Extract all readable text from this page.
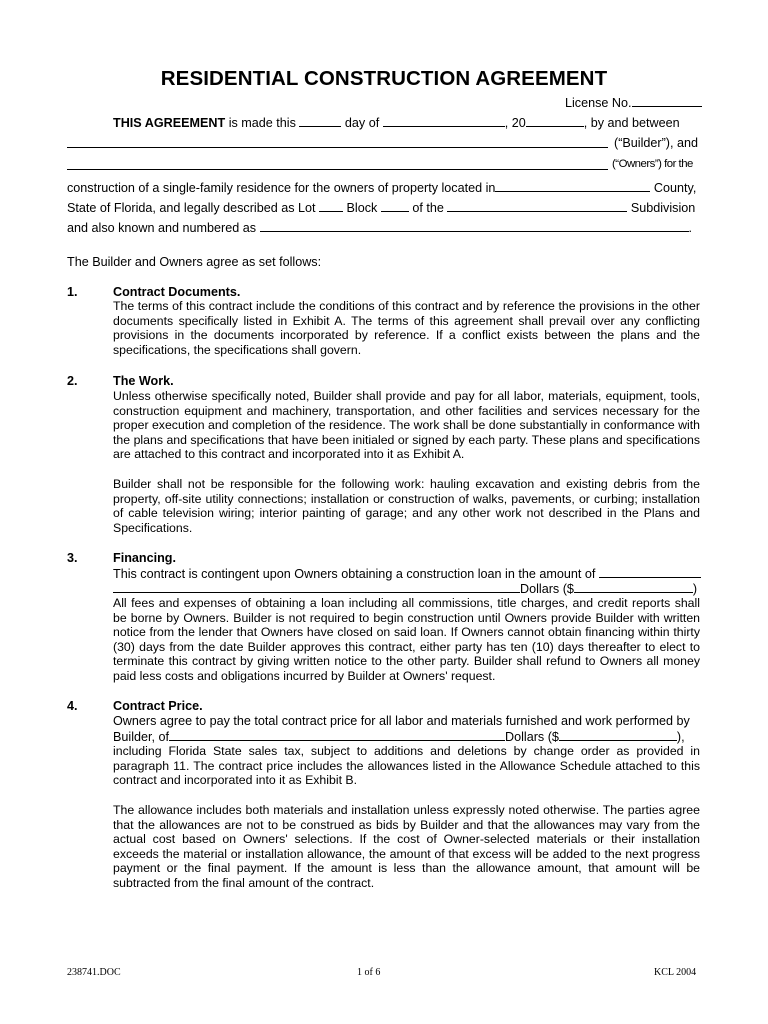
RESIDENTIAL CONSTRUCTION AGREEMENT
License No.
THIS AGREEMENT is made this	day of	, 20	, by and between
(“Builder”), and
(“Owners”) for the
construction of a single-family residence for the owners of property located in	County,
State of Florida, and legally described as Lot Block	of the	Subdivision
and also known and numbered as	.
The Builder and Owners agree as set follows:
1.	Contract Documents.
The terms of this contract include the conditions of this contract and by reference the provisions in the other documents specifically listed in Exhibit A. The terms of this agreement shall prevail over any conflicting provisions in the documents incorporated by reference. If a conflict exists between the plans and the specifications, the specifications shall govern.
2.	The Work.
Unless otherwise specifically noted, Builder shall provide and pay for all labor, materials, equipment, tools, construction equipment and machinery, transportation, and other facilities and services necessary for the proper execution and completion of the residence. The work shall be done substantially in conformance with the plans and specifications that have been initialed or signed by each party. These plans and specifications are attached to this contract and incorporated into it as Exhibit A.
Builder shall not be responsible for the following work: hauling excavation and existing debris from the property, off-site utility connections; installation or construction of walks, pavements, or curbing; installation of cable television wiring; interior painting of garage; and any other work not described in the Plans and Specifications.
3.	Financing.
This contract is contingent upon Owners obtaining a construction loan in the amount of
Dollars ($	)
All fees and expenses of obtaining a loan including all commissions, title charges, and credit reports shall be borne by Owners. Builder is not required to begin construction until Owners provide Builder with written notice from the lender that Owners have closed on said loan. If Owners cannot obtain financing within thirty (30) days from the date Builder approves this contract, either party has ten (10) days thereafter to elect to terminate this contract by giving written notice to the other party. Builder shall refund to Owners all money paid less costs and obligations incurred by Builder at Owners' request.
4.	Contract Price.
Owners agree to pay the total contract price for all labor and materials furnished and work performed by
Builder, of	Dollars ($	),
including Florida State sales tax, subject to additions and deletions by change order as provided in paragraph 11. The contract price includes the allowances listed in the Allowance Schedule attached to this contract and incorporated into it as Exhibit B.
The allowance includes both materials and installation unless expressly noted otherwise. The parties agree that the allowances are not to be construed as bids by Builder and that the allowances may vary from the actual cost based on Owners' selections. If the cost of Owner-selected materials or their installation exceeds the material or installation allowance, the amount of that excess will be added to the next progress payment or the final payment. If the amount is less than the allowance amount, that amount will be subtracted from the final amount of the contract.
238741.DOC	1 of 6	KCL 2004
